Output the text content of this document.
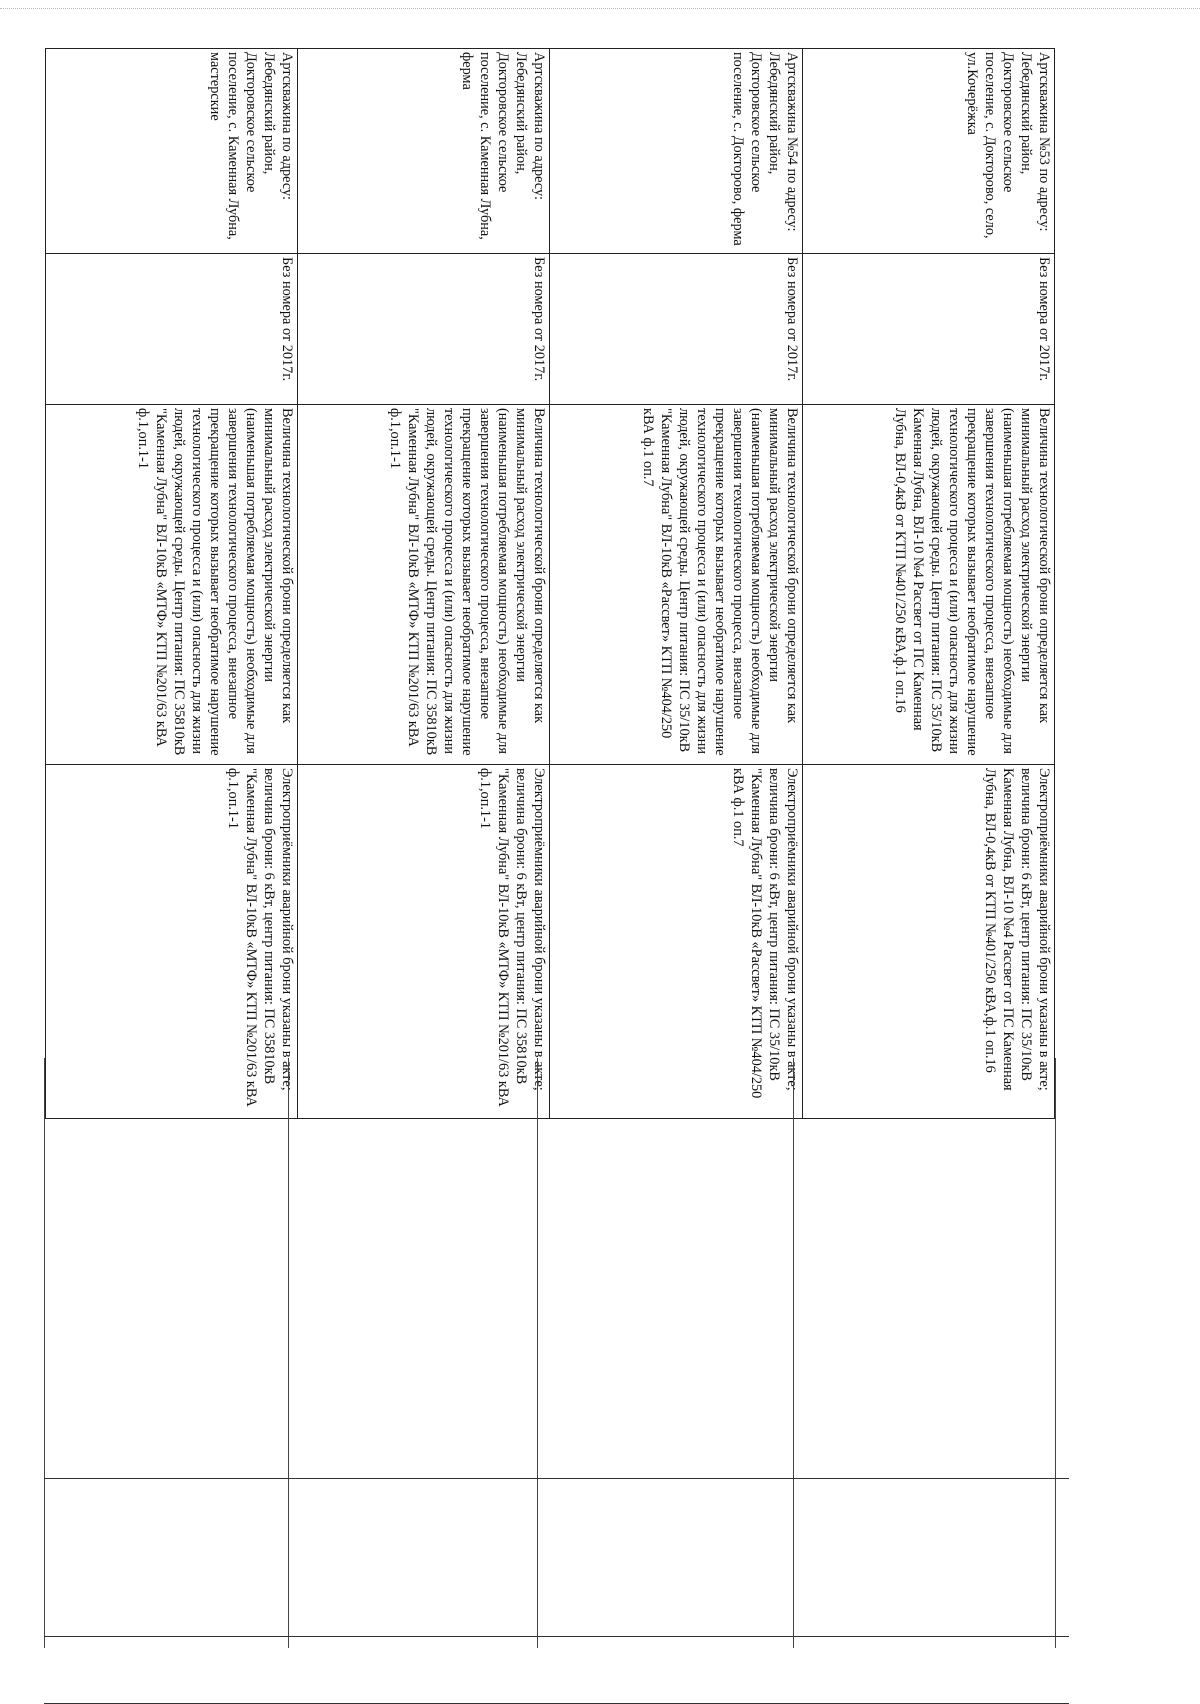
Артскважина №53 по адресу: Лебедянский район, Докторовское сельское поселение, с. Докторово, село, ул.Кочерёжка	Без номера от 2017г.	Величина технологической брони определяется как минимальный расход электрической энергии (наименьшая потребляемая мощность) необходимые для завершения технологического процесса, внезапное прекращение которых вызывает необратимое нарушение технологического процесса и (или) опасность для жизни людей, окружающей среды. Центр питания: ПС 35/10кВ Каменная Лубна, ВЛ-10 №4 Рассвет от ПС Каменная Лубна, ВЛ-0,4кВ от КТП №401/250 кВА,ф.1 оп.16	Электроприёмники аварийной брони указаны в акте; величина брони: 6 кВт, центр питания: ПС 35/10кВ Каменная Лубна, ВЛ-10 №4 Рассвет от ПС Каменная Лубна, ВЛ-0,4кВ от КТП №401/250 кВА,ф.1 оп.16
Артскважина №54 по адресу: Лебедянский район, Докторовское сельское поселение, с. Докторово, ферма	Без номера от 2017г.	Величина технологической брони определяется как минимальный расход электрической энергии (наименьшая потребляемая мощность) необходимые для завершения технологического процесса, внезапное прекращение которых вызывает необратимое нарушение технологического процесса и (или) опасность для жизни людей, окружающей среды. Центр питания: ПС 35/10кВ "Каменная Лубна" ВЛ-10кВ «Рассвет» КТП №404/250 кВА ф.1 оп.7	Электроприёмники аварийной брони указаны в акте; величина брони: 6 кВт, центр питания: ПС 35/10кВ "Каменная Лубна" ВЛ-10кВ «Рассвет» КТП №404/250 кВА ф.1 оп.7
Артскважина по адресу: Лебедянский район, Докторовское сельское поселение, с. Каменная Лубна, ферма	Без номера от 2017г.	Величина технологической брони определяется как минимальный расход электрической энергии (наименьшая потребляемая мощность) необходимые для завершения технологического процесса, внезапное прекращение которых вызывает необратимое нарушение технологического процесса и (или) опасность для жизни людей, окружающей среды. Центр питания: ПС 35810кВ "Каменная Лубна" ВЛ-10кВ «МТФ» КТП №201/63 кВА ф.1,оп.1-1	Электроприёмники аварийной брони указаны в акте; величина брони: 6 кВт, центр питания: ПС 35810кВ "Каменная Лубна" ВЛ-10кВ «МТФ» КТП №201/63 кВА ф.1,оп.1-1
Артскважина по адресу: Лебедянский район, Докторовское сельское поселение, с. Каменная Лубна, мастерские	Без номера от 2017г.	Величина технологической брони определяется как минимальный расход электрической энергии (наименьшая потребляемая мощность) необходимые для завершения технологического процесса, внезапное прекращение которых вызывает необратимое нарушение технологического процесса и (или) опасность для жизни людей, окружающей среды. Центр питания: ПС 35810кВ "Каменная Лубна" ВЛ-10кВ «МТФ» КТП №201/63 кВА ф.1,оп.1-1	Электроприёмники аварийной брони указаны в акте; величина брони: 6 кВт, центр питания: ПС 35810кВ "Каменная Лубна" ВЛ-10кВ «МТФ» КТП №201/63 кВА ф.1,оп.1-1
